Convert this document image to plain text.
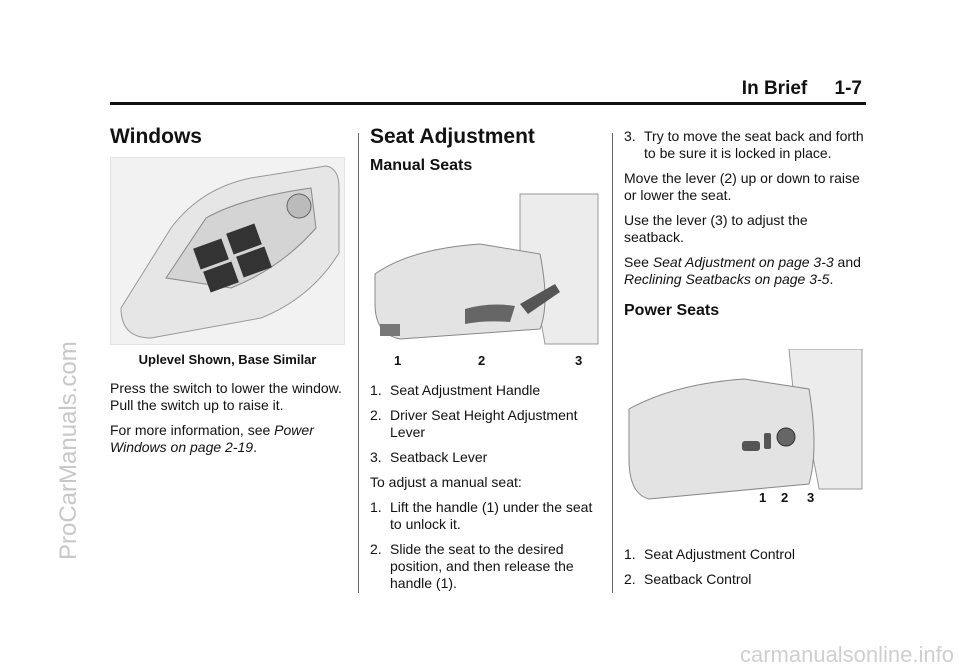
In Brief 1-7
ProCarManuals.com
carmanualsonline.info
Windows
Uplevel Shown, Base Similar

Press the switch to lower the window. Pull the switch up to raise it.

For more information, see Power Windows on page 2-19.

Seat Adjustment
Manual Seats
1	2	3
1. Seat Adjustment Handle
2. Driver Seat Height Adjustment Lever
3. Seatback Lever

To adjust a manual seat:

1. Lift the handle (1) under the seat to unlock it.
2. Slide the seat to the desired position, and then release the handle (1).
3. Try to move the seat back and forth to be sure it is locked in place.

Move the lever (2) up or down to raise or lower the seat.

Use the lever (3) to adjust the seatback.

See Seat Adjustment on page 3-3 and Reclining Seatbacks on page 3-5.

Power Seats
1 2 3
1. Seat Adjustment Control
2. Seatback Control
